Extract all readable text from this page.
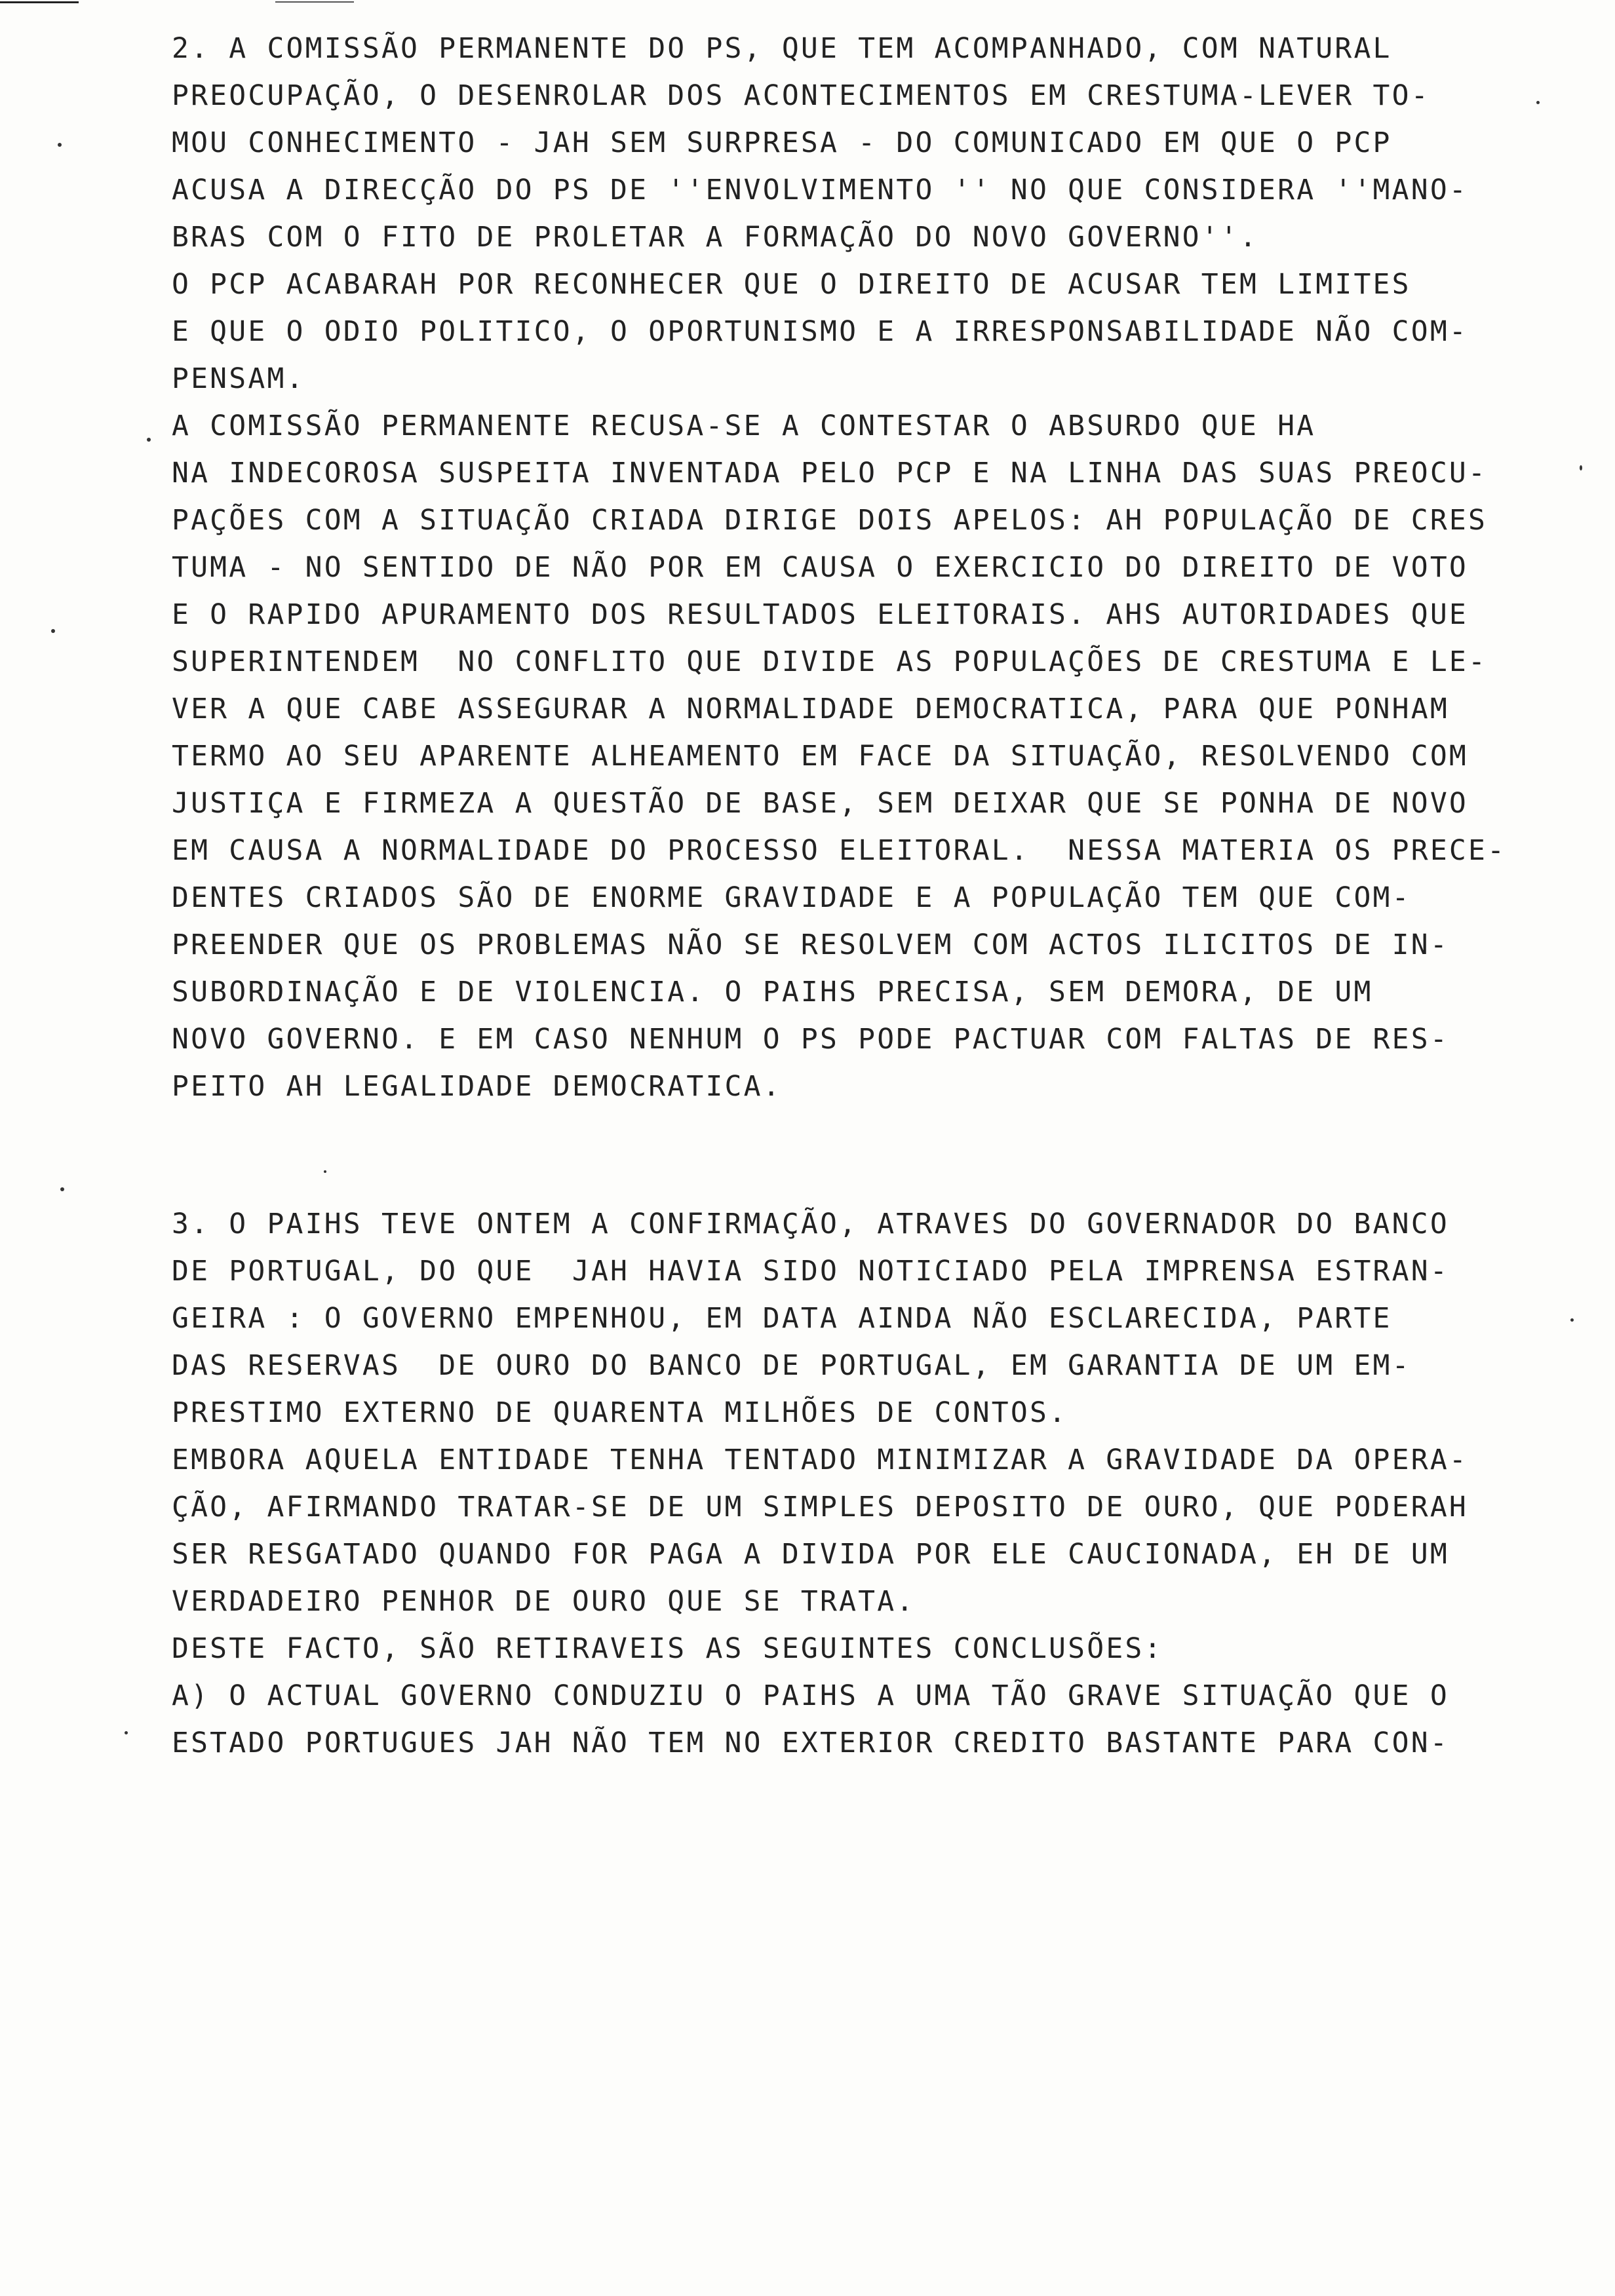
2. A COMISSÃO PERMANENTE DO PS, QUE TEM ACOMPANHADO, COM NATURAL
PREOCUPAÇÃO, O DESENROLAR DOS ACONTECIMENTOS EM CRESTUMA-LEVER TO-
MOU CONHECIMENTO - JAH SEM SURPRESA - DO COMUNICADO EM QUE O PCP
ACUSA A DIRECÇÃO DO PS DE ''ENVOLVIMENTO '' NO QUE CONSIDERA ''MANO-
BRAS COM O FITO DE PROLETAR A FORMAÇÃO DO NOVO GOVERNO''.
O PCP ACABARAH POR RECONHECER QUE O DIREITO DE ACUSAR TEM LIMITES
E QUE O ODIO POLITICO, O OPORTUNISMO E A IRRESPONSABILIDADE NÃO COM-
PENSAM.
A COMISSÃO PERMANENTE RECUSA-SE A CONTESTAR O ABSURDO QUE HA
NA INDECOROSA SUSPEITA INVENTADA PELO PCP E NA LINHA DAS SUAS PREOCU-
PAÇÕES COM A SITUAÇÃO CRIADA DIRIGE DOIS APELOS: AH POPULAÇÃO DE CRES
TUMA - NO SENTIDO DE NÃO POR EM CAUSA O EXERCICIO DO DIREITO DE VOTO
E O RAPIDO APURAMENTO DOS RESULTADOS ELEITORAIS. AHS AUTORIDADES QUE
SUPERINTENDEM  NO CONFLITO QUE DIVIDE AS POPULAÇÕES DE CRESTUMA E LE-
VER A QUE CABE ASSEGURAR A NORMALIDADE DEMOCRATICA, PARA QUE PONHAM
TERMO AO SEU APARENTE ALHEAMENTO EM FACE DA SITUAÇÃO, RESOLVENDO COM
JUSTIÇA E FIRMEZA A QUESTÃO DE BASE, SEM DEIXAR QUE SE PONHA DE NOVO
EM CAUSA A NORMALIDADE DO PROCESSO ELEITORAL.  NESSA MATERIA OS PRECE-
DENTES CRIADOS SÃO DE ENORME GRAVIDADE E A POPULAÇÃO TEM QUE COM-
PREENDER QUE OS PROBLEMAS NÃO SE RESOLVEM COM ACTOS ILICITOS DE IN-
SUBORDINAÇÃO E DE VIOLENCIA. O PAIHS PRECISA, SEM DEMORA, DE UM
NOVO GOVERNO. E EM CASO NENHUM O PS PODE PACTUAR COM FALTAS DE RES-
PEITO AH LEGALIDADE DEMOCRATICA.
3. O PAIHS TEVE ONTEM A CONFIRMAÇÃO, ATRAVES DO GOVERNADOR DO BANCO
DE PORTUGAL, DO QUE  JAH HAVIA SIDO NOTICIADO PELA IMPRENSA ESTRAN-
GEIRA : O GOVERNO EMPENHOU, EM DATA AINDA NÃO ESCLARECIDA, PARTE
DAS RESERVAS  DE OURO DO BANCO DE PORTUGAL, EM GARANTIA DE UM EM-
PRESTIMO EXTERNO DE QUARENTA MILHÕES DE CONTOS.
EMBORA AQUELA ENTIDADE TENHA TENTADO MINIMIZAR A GRAVIDADE DA OPERA-
ÇÃO, AFIRMANDO TRATAR-SE DE UM SIMPLES DEPOSITO DE OURO, QUE PODERAH
SER RESGATADO QUANDO FOR PAGA A DIVIDA POR ELE CAUCIONADA, EH DE UM
VERDADEIRO PENHOR DE OURO QUE SE TRATA.
DESTE FACTO, SÃO RETIRAVEIS AS SEGUINTES CONCLUSÕES:
A) O ACTUAL GOVERNO CONDUZIU O PAIHS A UMA TÃO GRAVE SITUAÇÃO QUE O
ESTADO PORTUGUES JAH NÃO TEM NO EXTERIOR CREDITO BASTANTE PARA CON-
